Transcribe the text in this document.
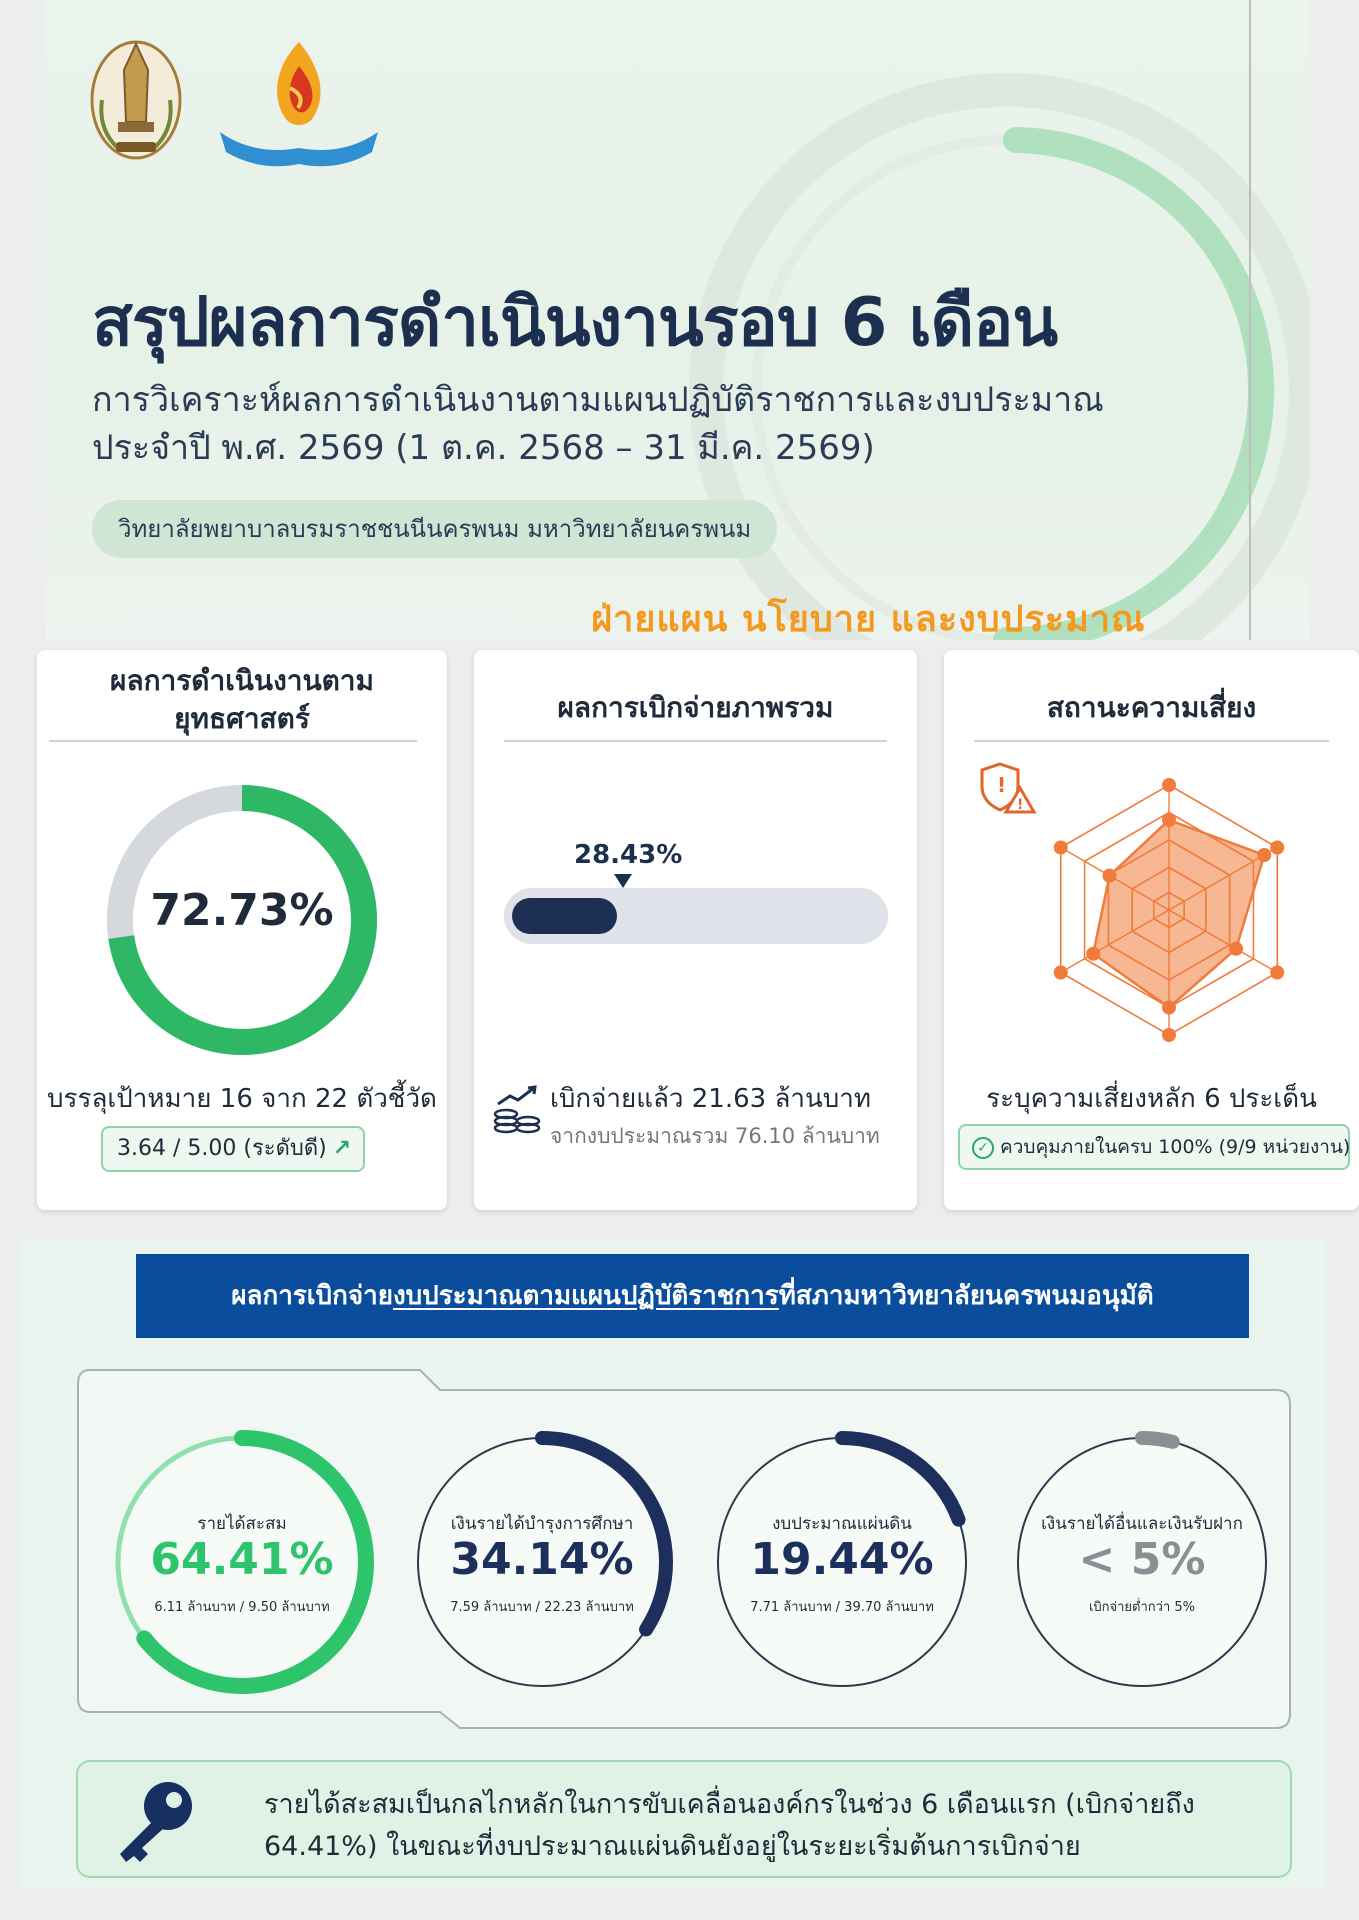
สรุปผลการดำเนินงานรอบ 6 เดือน
การวิเคราะห์ผลการดำเนินงานตามแผนปฏิบัติราชการและงบประมาณ
ประจำปี พ.ศ. 2569 (1 ต.ค. 2568 – 31 มี.ค. 2569)
วิทยาลัยพยาบาลบรมราชชนนีนครพนม มหาวิทยาลัยนครพนม
ฝ่ายแผน นโยบาย และงบประมาณ
ผลการดำเนินงานตามยุทธศาสตร์
72.73%
บรรลุเป้าหมาย 16 จาก 22 ตัวชี้วัด
3.64 / 5.00 (ระดับดี) ↗
ผลการเบิกจ่ายภาพรวม
28.43%
เบิกจ่ายแล้ว 21.63 ล้านบาท
จากงบประมาณรวม 76.10 ล้านบาท
สถานะความเสี่ยง
!
!
ระบุความเสี่ยงหลัก 6 ประเด็น
✓ ควบคุมภายในครบ 100% (9/9 หน่วยงาน)
ผลการเบิกจ่ายงบประมาณตามแผนปฏิบัติราชการที่สภามหาวิทยาลัยนครพนมอนุมัติ
รายได้สะสม
64.41%
6.11 ล้านบาท / 9.50 ล้านบาท
เงินรายได้บำรุงการศึกษา
34.14%
7.59 ล้านบาท / 22.23 ล้านบาท
งบประมาณแผ่นดิน
19.44%
7.71 ล้านบาท / 39.70 ล้านบาท
เงินรายได้อื่นและเงินรับฝาก
< 5%
เบิกจ่ายต่ำกว่า 5%
รายได้สะสมเป็นกลไกหลักในการขับเคลื่อนองค์กรในช่วง 6 เดือนแรก (เบิกจ่ายถึง
64.41%) ในขณะที่งบประมาณแผ่นดินยังอยู่ในระยะเริ่มต้นการเบิกจ่าย
